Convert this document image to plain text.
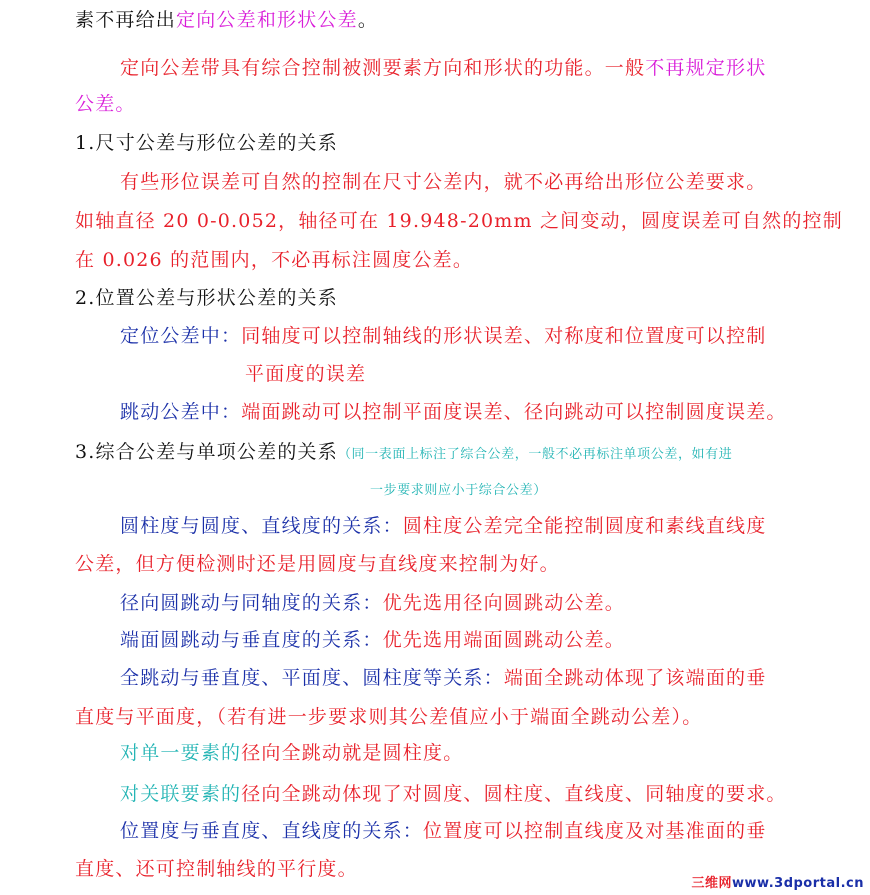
素不再给出定向公差和形状公差。
定向公差带具有综合控制被测要素方向和形状的功能。一般不再规定形状
公差。
1.尺寸公差与形位公差的关系
有些形位误差可自然的控制在尺寸公差内，就不必再给出形位公差要求。
如轴直径 20 0-0.052，轴径可在 19.948-20mm 之间变动，圆度误差可自然的控制
在 0.026 的范围内，不必再标注圆度公差。
2.位置公差与形状公差的关系
定位公差中：同轴度可以控制轴线的形状误差、对称度和位置度可以控制
平面度的误差
跳动公差中：端面跳动可以控制平面度误差、径向跳动可以控制圆度误差。
3.综合公差与单项公差的关系（同一表面上标注了综合公差，一般不必再标注单项公差，如有进
一步要求则应小于综合公差）
圆柱度与圆度、直线度的关系：圆柱度公差完全能控制圆度和素线直线度
公差，但方便检测时还是用圆度与直线度来控制为好。
径向圆跳动与同轴度的关系：优先选用径向圆跳动公差。
端面圆跳动与垂直度的关系：优先选用端面圆跳动公差。
全跳动与垂直度、平面度、圆柱度等关系：端面全跳动体现了该端面的垂
直度与平面度，（若有进一步要求则其公差值应小于端面全跳动公差）。
对单一要素的径向全跳动就是圆柱度。
对关联要素的径向全跳动体现了对圆度、圆柱度、直线度、同轴度的要求。
位置度与垂直度、直线度的关系：位置度可以控制直线度及对基准面的垂
直度、还可控制轴线的平行度。
三维网www.3dportal.cn
